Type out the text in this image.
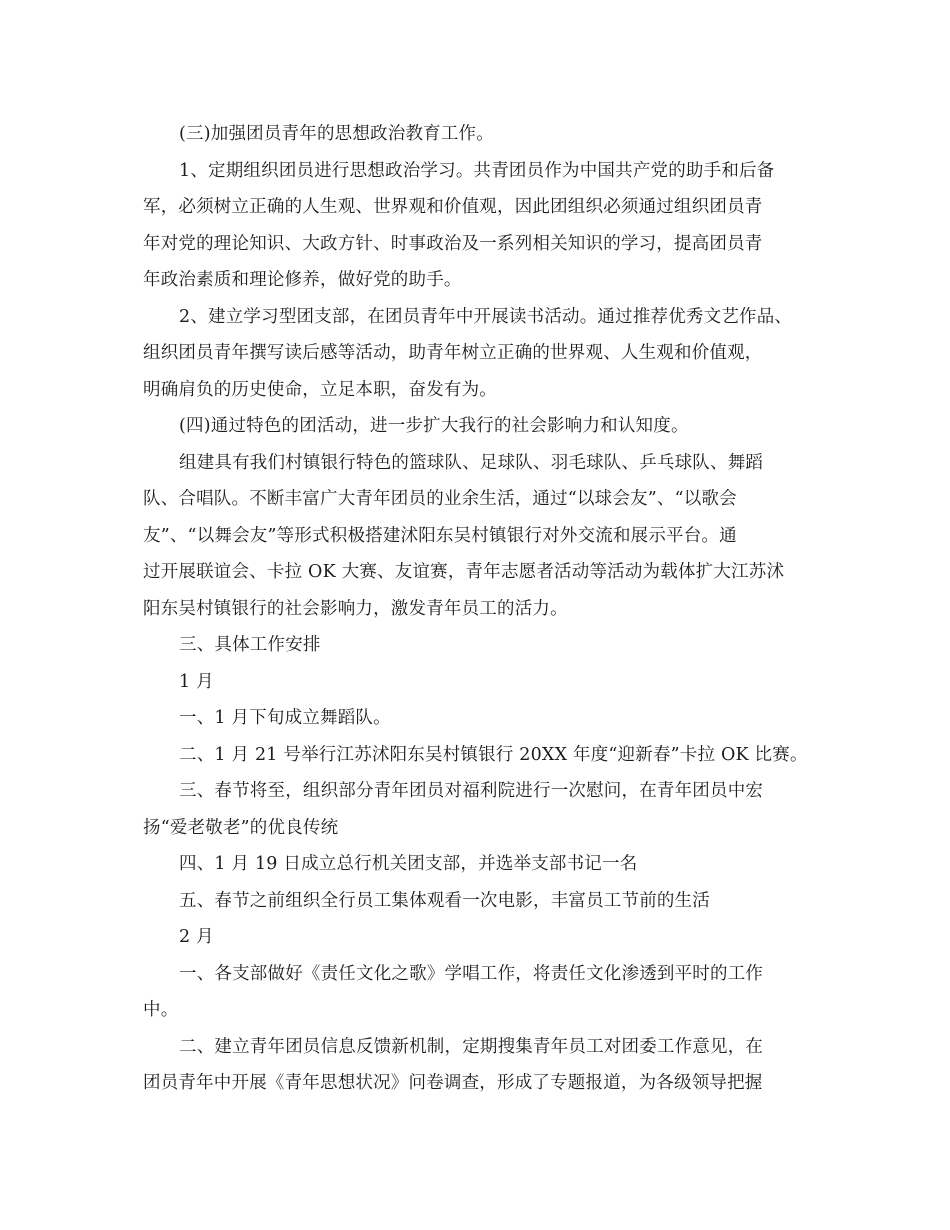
(三)加强团员青年的思想政治教育工作。

1、定期组织团员进行思想政治学习。共青团员作为中国共产党的助手和后备
军，必须树立正确的人生观、世界观和价值观，因此团组织必须通过组织团员青
年对党的理论知识、大政方针、时事政治及一系列相关知识的学习，提高团员青
年政治素质和理论修养，做好党的助手。

2、建立学习型团支部，在团员青年中开展读书活动。通过推荐优秀文艺作品、
组织团员青年撰写读后感等活动，助青年树立正确的世界观、人生观和价值观，
明确肩负的历史使命，立足本职，奋发有为。

(四)通过特色的团活动，进一步扩大我行的社会影响力和认知度。

组建具有我们村镇银行特色的篮球队、足球队、羽毛球队、乒乓球队、舞蹈
队、合唱队。不断丰富广大青年团员的业余生活，通过“以球会友”、“以歌会
友”、“以舞会友”等形式积极搭建沭阳东吴村镇银行对外交流和展示平台。通
过开展联谊会、卡拉 OK 大赛、友谊赛，青年志愿者活动等活动为载体扩大江苏沭
阳东吴村镇银行的社会影响力，激发青年员工的活力。

三、具体工作安排

1 月

一、1 月下旬成立舞蹈队。

二、1 月 21 号举行江苏沭阳东吴村镇银行 20XX 年度“迎新春”卡拉 OK 比赛。

三、春节将至，组织部分青年团员对福利院进行一次慰问，在青年团员中宏
扬“爱老敬老”的优良传统

四、1 月 19 日成立总行机关团支部，并选举支部书记一名

五、春节之前组织全行员工集体观看一次电影，丰富员工节前的生活

2 月

一、各支部做好《责任文化之歌》学唱工作，将责任文化渗透到平时的工作
中。

二、建立青年团员信息反馈新机制，定期搜集青年员工对团委工作意见，在
团员青年中开展《青年思想状况》问卷调查，形成了专题报道，为各级领导把握
